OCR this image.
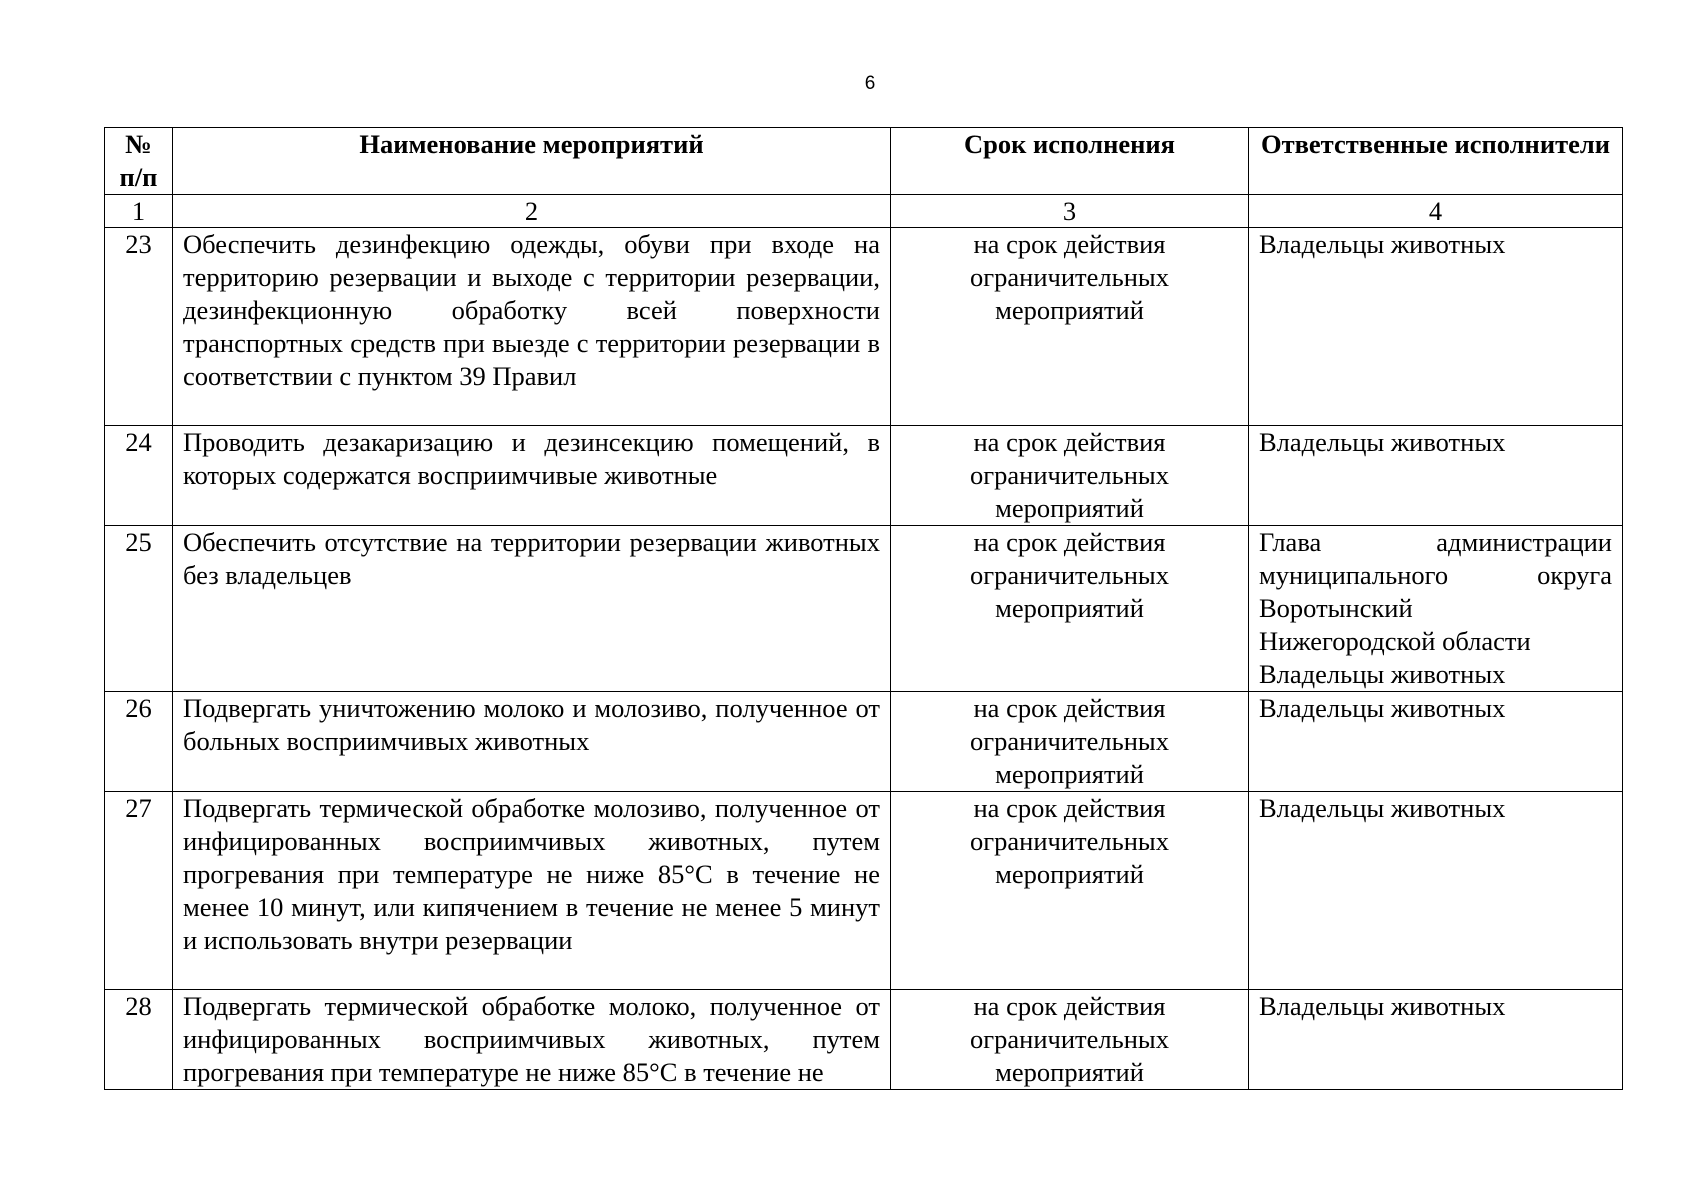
6
№ п/п	Наименование мероприятий	Срок исполнения	Ответственные исполнители
1	2	3	4
23	Обеспечить дезинфекцию одежды, обуви при входе на территорию резервации и выходе с территории резервации, дезинфекционную обработку всей поверхности транспортных средств при выезде с территории резервации в соответствии с пунктом 39 Правил	на срок действия ограничительных мероприятий	Владельцы животных

24	Проводить дезакаризацию и дезинсекцию помещений, в которых содержатся восприимчивые животные	на срок действия ограничительных мероприятий	Владельцы животных

25	Обеспечить отсутствие на территории резервации животных без владельцев	на срок действия ограничительных мероприятий	Глава администрации муниципального округа Воротынский
Нижегородской области
Владельцы животных

26	Подвергать уничтожению молоко и молозиво, полученное от больных восприимчивых животных	на срок действия ограничительных мероприятий	Владельцы животных

27	Подвергать термической обработке молозиво, полученное от инфицированных восприимчивых животных, путем прогревания при температуре не ниже 85°С в течение не менее 10 минут, или кипячением в течение не менее 5 минут и использовать внутри резервации	на срок действия ограничительных мероприятий	Владельцы животных

28	Подвергать термической обработке молоко, полученное от инфицированных восприимчивых животных, путем прогревания при температуре не ниже 85°С в течение не	на срок действия ограничительных мероприятий	Владельцы животных
